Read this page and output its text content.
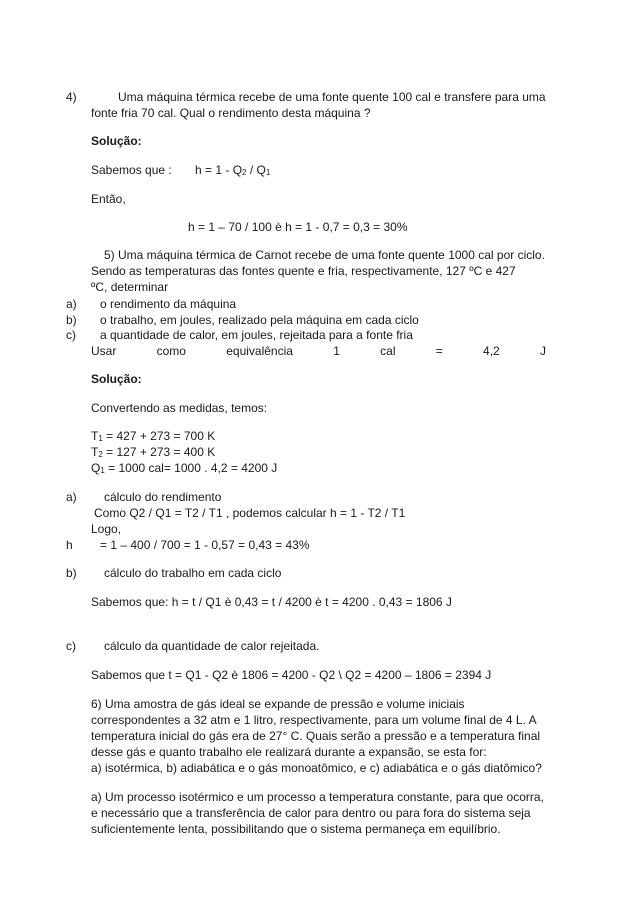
4)	Uma máquina térmica recebe de uma fonte quente 100 cal e transfere para uma
fonte fria 70 cal. Qual o rendimento desta máquina ?
Solução:
Sabemos que : h = 1 - Q2 / Q1
Então,
h = 1 – 70 / 100 è h = 1 - 0,7 = 0,3 = 30%
5) Uma máquina térmica de Carnot recebe de uma fonte quente 1000 cal por ciclo.
Sendo as temperaturas das fontes quente e fria, respectivamente, 127 ºC e 427
ºC, determinar
a) o rendimento da máquina
b) o trabalho, em joules, realizado pela máquina em cada ciclo
c) a quantidade de calor, em joules, rejeitada para a fonte fria
Usar	como	equivalência	1	cal	=	4,2	J
Solução:
Convertendo as medidas, temos:
T1 = 427 + 273 = 700 K
T2 = 127 + 273 = 400 K
Q1 = 1000 cal= 1000 . 4,2 = 4200 J
a) cálculo do rendimento
Como Q2 / Q1 = T2 / T1 , podemos calcular h = 1 - T2 / T1
Logo,
h = 1 – 400 / 700 = 1 - 0,57 = 0,43 = 43%
b) cálculo do trabalho em cada ciclo
Sabemos que: h = t / Q1 è 0,43 = t / 4200 è t = 4200 . 0,43 = 1806 J
c) cálculo da quantidade de calor rejeitada.
Sabemos que t = Q1 - Q2 è 1806 = 4200 - Q2 \ Q2 = 4200 – 1806 = 2394 J
6) Uma amostra de gás ideal se expande de pressão e volume iniciais
correspondentes a 32 atm e 1 litro, respectivamente, para um volume final de 4 L. A
temperatura inicial do gás era de 27° C. Quais serão a pressão e a temperatura final
desse gás e quanto trabalho ele realizará durante a expansão, se esta for:
a) isotérmica, b) adiabática e o gás monoatômico, e c) adiabática e o gás diatômico?
a) Um processo isotérmico e um processo a temperatura constante, para que ocorra,
e necessário que a transferência de calor para dentro ou para fora do sistema seja
suficientemente lenta, possibilitando que o sistema permaneça em equilíbrio.
